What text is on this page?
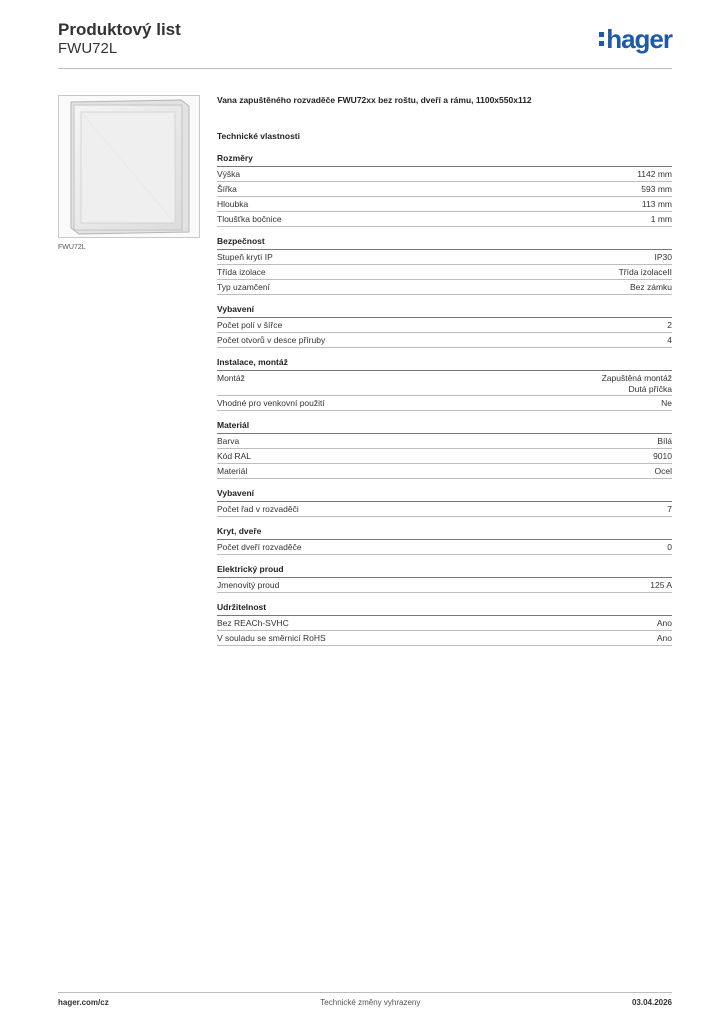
Produktový list
FWU72L	hager
FWU72L
Vana zapuštěného rozvaděče FWU72xx bez roštu, dveří a rámu, 1100x550x112
Technické vlastnosti
Rozměry
Výška	1142 mm
Šířka	593 mm
Hloubka	113 mm
Tloušťka bočnice	1 mm
Bezpečnost
Stupeň krytí IP	IP30
Třída izolace	Třída izolaceII
Typ uzamčení	Bez zámku
Vybavení
Počet polí v šířce	2
Počet otvorů v desce příruby	4
Instalace, montáž
Montáž	Zapuštěná montáž
Dutá příčka
Vhodné pro venkovní použití	Ne
Materiál
Barva	Bílá
Kód RAL	9010
Materiál	Ocel
Vybavení
Počet řad v rozvaděči	7
Kryt, dveře
Počet dveří rozvaděče	0
Elektrický proud
Jmenovitý proud	125 A
Udržitelnost
Bez REACh-SVHC	Ano
V souladu se směrnicí RoHS	Ano
hager.com/cz	Technické změny vyhrazeny	03.04.2026
